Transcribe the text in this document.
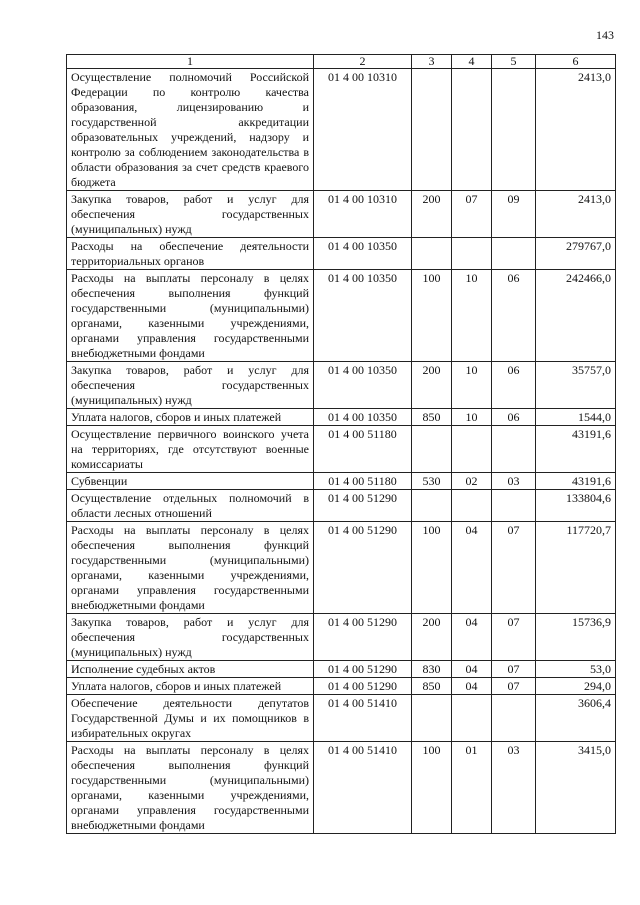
143
1	2	3	4	5	6
Осуществление полномочий Российской Федерации по контролю качества образования, лицензированию и государственной аккредитации образовательных учреждений, надзору и контролю за соблюдением законодательства в области образования за счет средств краевого бюджета	01 4 00 10310				2413,0
Закупка товаров, работ и услуг для обеспечения государственных (муниципальных) нужд	01 4 00 10310	200	07	09	2413,0
Расходы на обеспечение деятельности территориальных органов	01 4 00 10350				279767,0
Расходы на выплаты персоналу в целях обеспечения выполнения функций государственными (муниципальными) органами, казенными учреждениями, органами управления государственными внебюджетными фондами	01 4 00 10350	100	10	06	242466,0
Закупка товаров, работ и услуг для обеспечения государственных (муниципальных) нужд	01 4 00 10350	200	10	06	35757,0
Уплата налогов, сборов и иных платежей	01 4 00 10350	850	10	06	1544,0
Осуществление первичного воинского учета на территориях, где отсутствуют военные комиссариаты	01 4 00 51180				43191,6
Субвенции	01 4 00 51180	530	02	03	43191,6
Осуществление отдельных полномочий в области лесных отношений	01 4 00 51290				133804,6
Расходы на выплаты персоналу в целях обеспечения выполнения функций государственными (муниципальными) органами, казенными учреждениями, органами управления государственными внебюджетными фондами	01 4 00 51290	100	04	07	117720,7
Закупка товаров, работ и услуг для обеспечения государственных (муниципальных) нужд	01 4 00 51290	200	04	07	15736,9
Исполнение судебных актов	01 4 00 51290	830	04	07	53,0
Уплата налогов, сборов и иных платежей	01 4 00 51290	850	04	07	294,0
Обеспечение деятельности депутатов Государственной Думы и их помощников в избирательных округах	01 4 00 51410				3606,4
Расходы на выплаты персоналу в целях обеспечения выполнения функций государственными (муниципальными) органами, казенными учреждениями, органами управления государственными внебюджетными фондами	01 4 00 51410	100	01	03	3415,0
